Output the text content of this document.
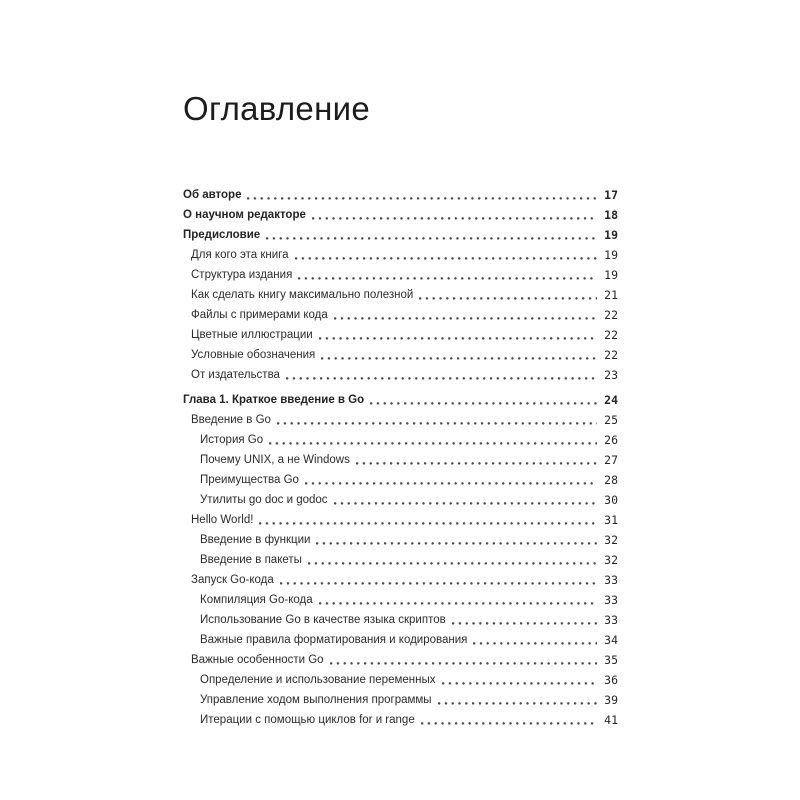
Оглавление
Об авторе	17
О научном редакторе	18
Предисловие	19
Для кого эта книга	19
Структура издания	19
Как сделать книгу максимально полезной	21
Файлы с примерами кода	22
Цветные иллюстрации	22
Условные обозначения	22
От издательства	23
Глава 1. Краткое введение в Go	24
Введение в Go	25
История Go	26
Почему UNIX, а не Windows	27
Преимущества Go	28
Утилиты go doc и godoc	30
Hello World!	31
Введение в функции	32
Введение в пакеты	32
Запуск Go-кода	33
Компиляция Go-кода	33
Использование Go в качестве языка скриптов	33
Важные правила форматирования и кодирования	34
Важные особенности Go	35
Определение и использование переменных	36
Управление ходом выполнения программы	39
Итерации с помощью циклов for и range	41
